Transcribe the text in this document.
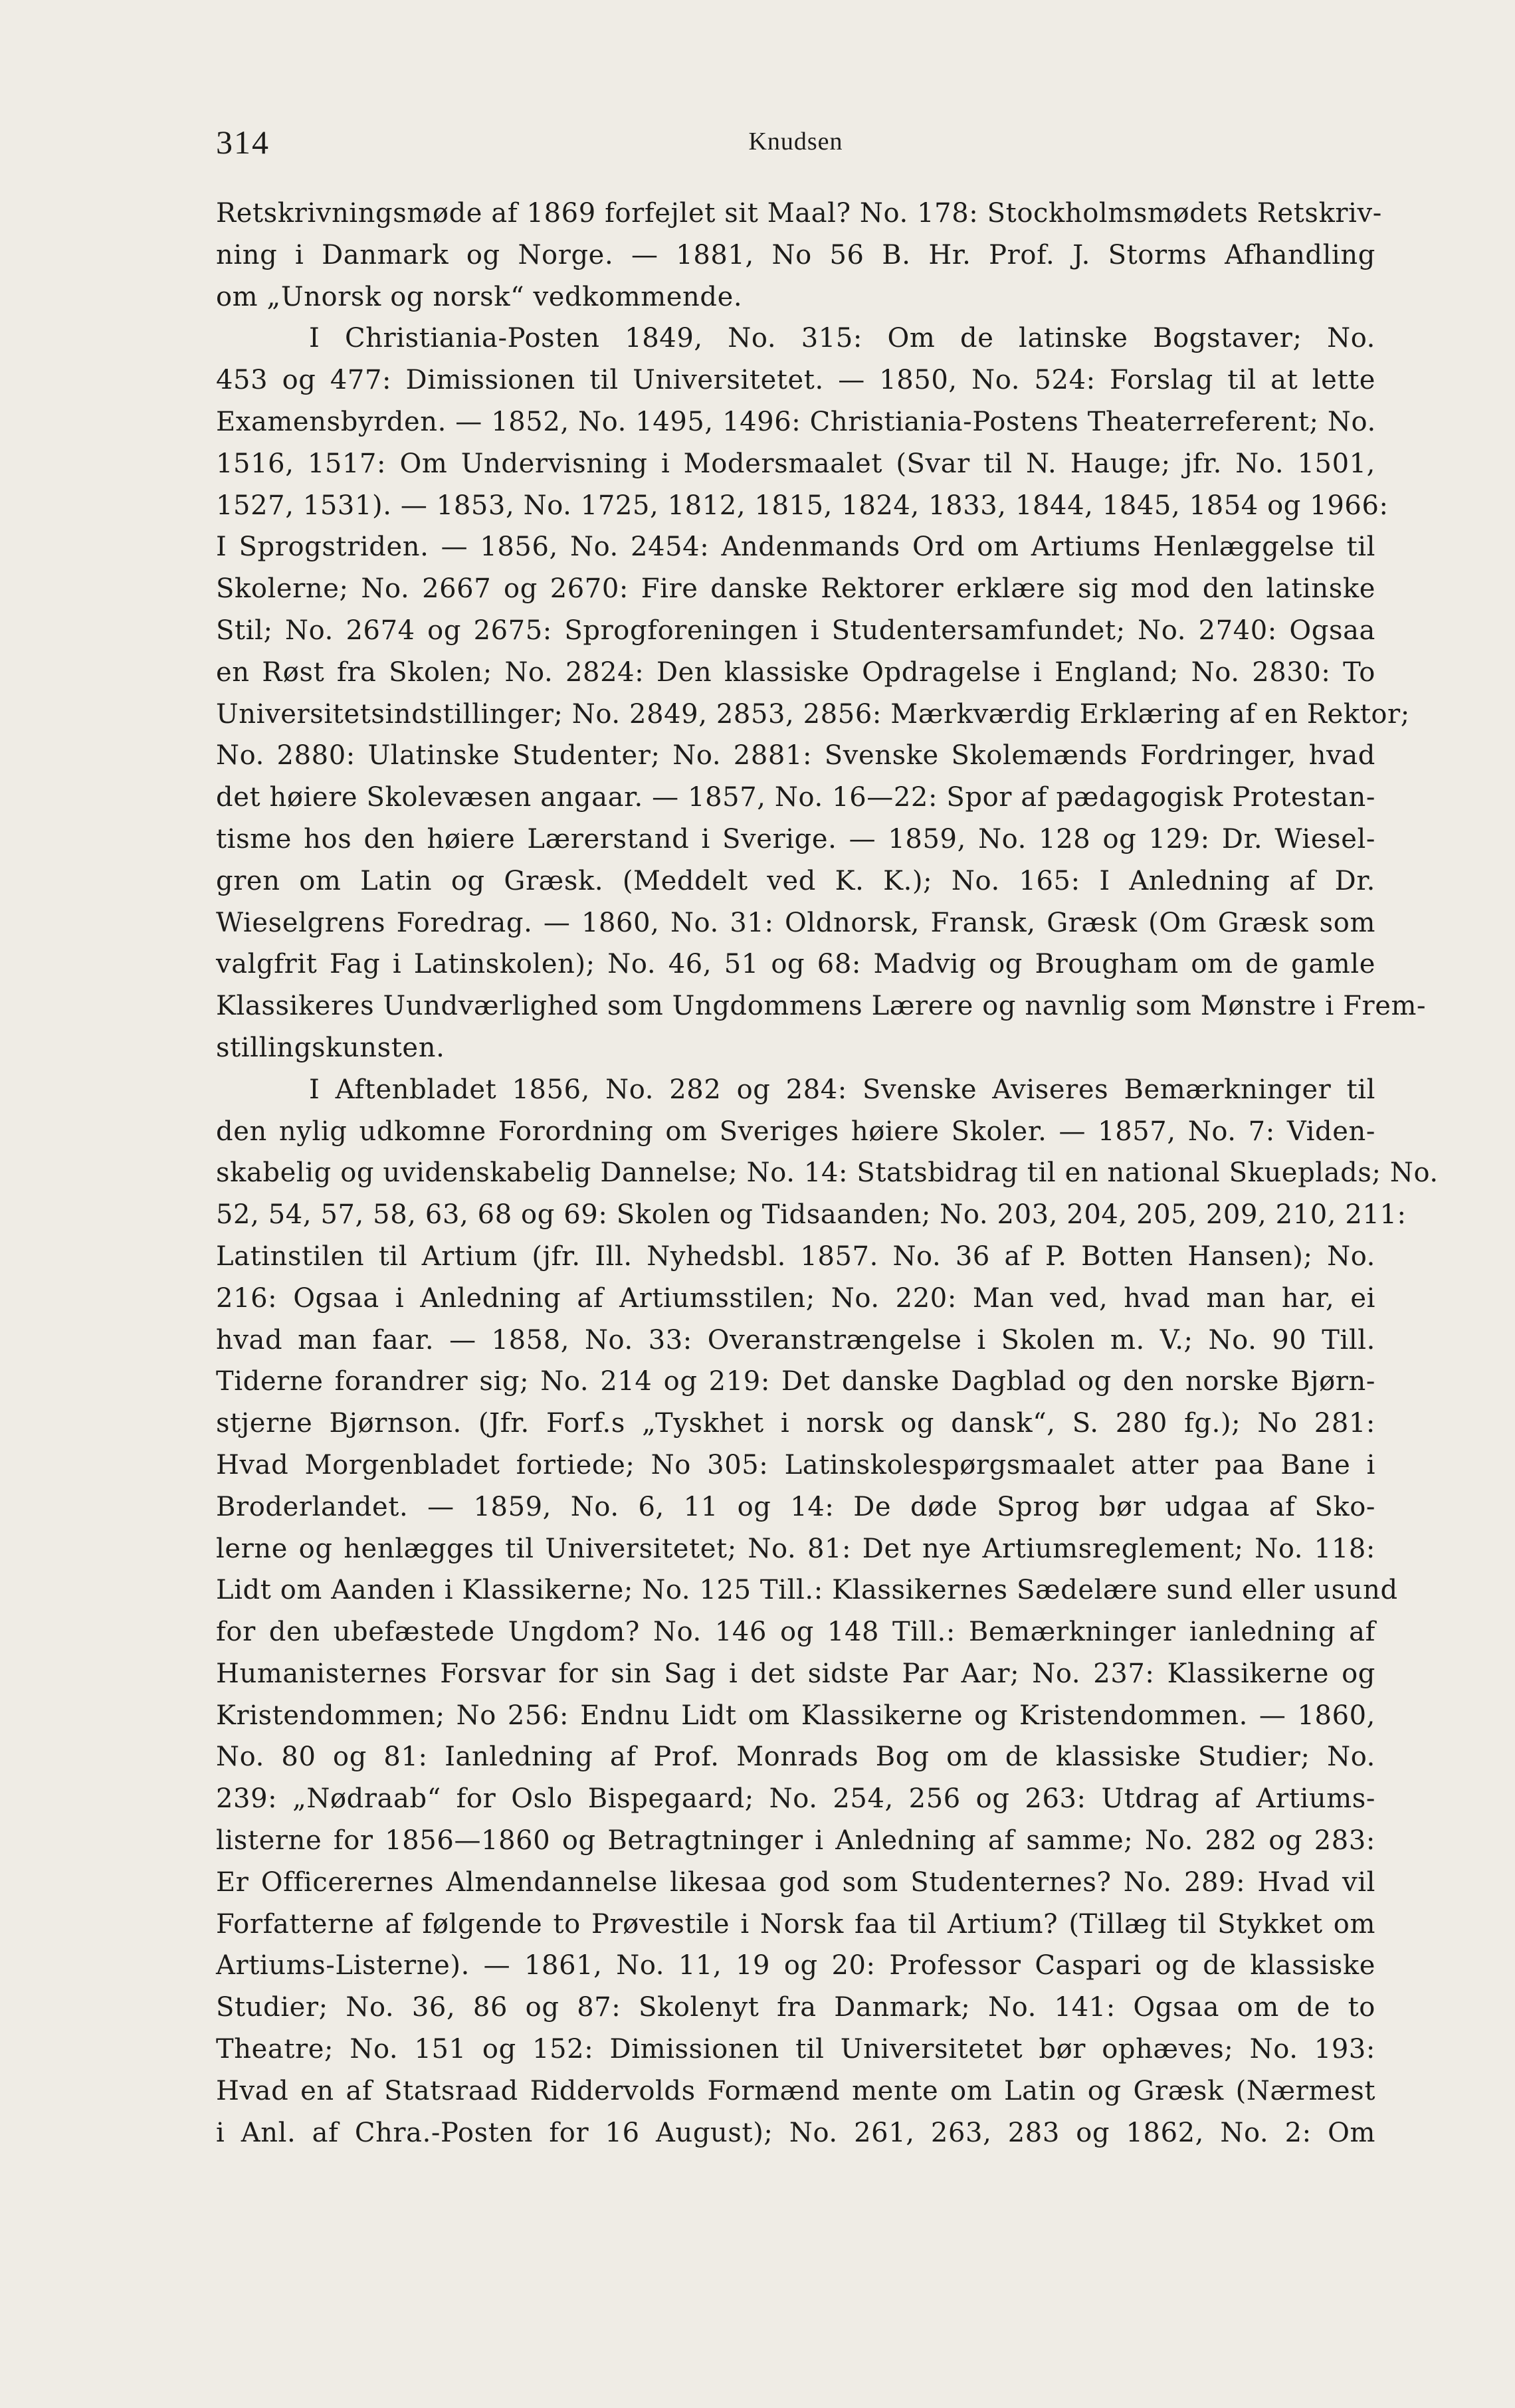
314	Knudsen
Retskrivningsmøde af 1869 forfejlet sit Maal? No. 178: Stockholmsmødets Retskriv-
ning i Danmark og Norge. — 1881, No 56 B. Hr. Prof. J. Storms Afhandling
om „Unorsk og norsk“ vedkommende.
I Christiania-Posten 1849, No. 315: Om de latinske Bogstaver; No.
453 og 477: Dimissionen til Universitetet. — 1850, No. 524: Forslag til at lette
Examensbyrden. — 1852, No. 1495, 1496: Christiania-Postens Theaterreferent; No.
1516, 1517: Om Undervisning i Modersmaalet (Svar til N. Hauge; jfr. No. 1501,
1527, 1531). — 1853, No. 1725, 1812, 1815, 1824, 1833, 1844, 1845, 1854 og 1966:
I Sprogstriden. — 1856, No. 2454: Andenmands Ord om Artiums Henlæggelse til
Skolerne; No. 2667 og 2670: Fire danske Rektorer erklære sig mod den latinske
Stil; No. 2674 og 2675: Sprogforeningen i Studentersamfundet; No. 2740: Ogsaa
en Røst fra Skolen; No. 2824: Den klassiske Opdragelse i England; No. 2830: To
Universitetsindstillinger; No. 2849, 2853, 2856: Mærkværdig Erklæring af en Rektor;
No. 2880: Ulatinske Studenter; No. 2881: Svenske Skolemænds Fordringer, hvad
det høiere Skolevæsen angaar. — 1857, No. 16—22: Spor af pædagogisk Protestan-
tisme hos den høiere Lærerstand i Sverige. — 1859, No. 128 og 129: Dr. Wiesel-
gren om Latin og Græsk. (Meddelt ved K. K.); No. 165: I Anledning af Dr.
Wieselgrens Foredrag. — 1860, No. 31: Oldnorsk, Fransk, Græsk (Om Græsk som
valgfrit Fag i Latinskolen); No. 46, 51 og 68: Madvig og Brougham om de gamle
Klassikeres Uundværlighed som Ungdommens Lærere og navnlig som Mønstre i Frem-
stillingskunsten.
I Aftenbladet 1856, No. 282 og 284: Svenske Aviseres Bemærkninger til
den nylig udkomne Forordning om Sveriges høiere Skoler. — 1857, No. 7: Viden-
skabelig og uvidenskabelig Dannelse; No. 14: Statsbidrag til en national Skueplads; No.
52, 54, 57, 58, 63, 68 og 69: Skolen og Tidsaanden; No. 203, 204, 205, 209, 210, 211:
Latinstilen til Artium (jfr. Ill. Nyhedsbl. 1857. No. 36 af P. Botten Hansen); No.
216: Ogsaa i Anledning af Artiumsstilen; No. 220: Man ved, hvad man har, ei
hvad man faar. — 1858, No. 33: Overanstrængelse i Skolen m. V.; No. 90 Till.
Tiderne forandrer sig; No. 214 og 219: Det danske Dagblad og den norske Bjørn-
stjerne Bjørnson. (Jfr. Forf.s „Tyskhet i norsk og dansk“, S. 280 fg.); No 281:
Hvad Morgenbladet fortiede; No 305: Latinskolespørgsmaalet atter paa Bane i
Broderlandet. — 1859, No. 6, 11 og 14: De døde Sprog bør udgaa af Sko-
lerne og henlægges til Universitetet; No. 81: Det nye Artiumsreglement; No. 118:
Lidt om Aanden i Klassikerne; No. 125 Till.: Klassikernes Sædelære sund eller usund
for den ubefæstede Ungdom? No. 146 og 148 Till.: Bemærkninger ianledning af
Humanisternes Forsvar for sin Sag i det sidste Par Aar; No. 237: Klassikerne og
Kristendommen; No 256: Endnu Lidt om Klassikerne og Kristendommen. — 1860,
No. 80 og 81: Ianledning af Prof. Monrads Bog om de klassiske Studier; No.
239: „Nødraab“ for Oslo Bispegaard; No. 254, 256 og 263: Utdrag af Artiums-
listerne for 1856—1860 og Betragtninger i Anledning af samme; No. 282 og 283:
Er Officerernes Almendannelse likesaa god som Studenternes? No. 289: Hvad vil
Forfatterne af følgende to Prøvestile i Norsk faa til Artium? (Tillæg til Stykket om
Artiums-Listerne). — 1861, No. 11, 19 og 20: Professor Caspari og de klassiske
Studier; No. 36, 86 og 87: Skolenyt fra Danmark; No. 141: Ogsaa om de to
Theatre; No. 151 og 152: Dimissionen til Universitetet bør ophæves; No. 193:
Hvad en af Statsraad Riddervolds Formænd mente om Latin og Græsk (Nærmest
i Anl. af Chra.-Posten for 16 August); No. 261, 263, 283 og 1862, No. 2: Om
